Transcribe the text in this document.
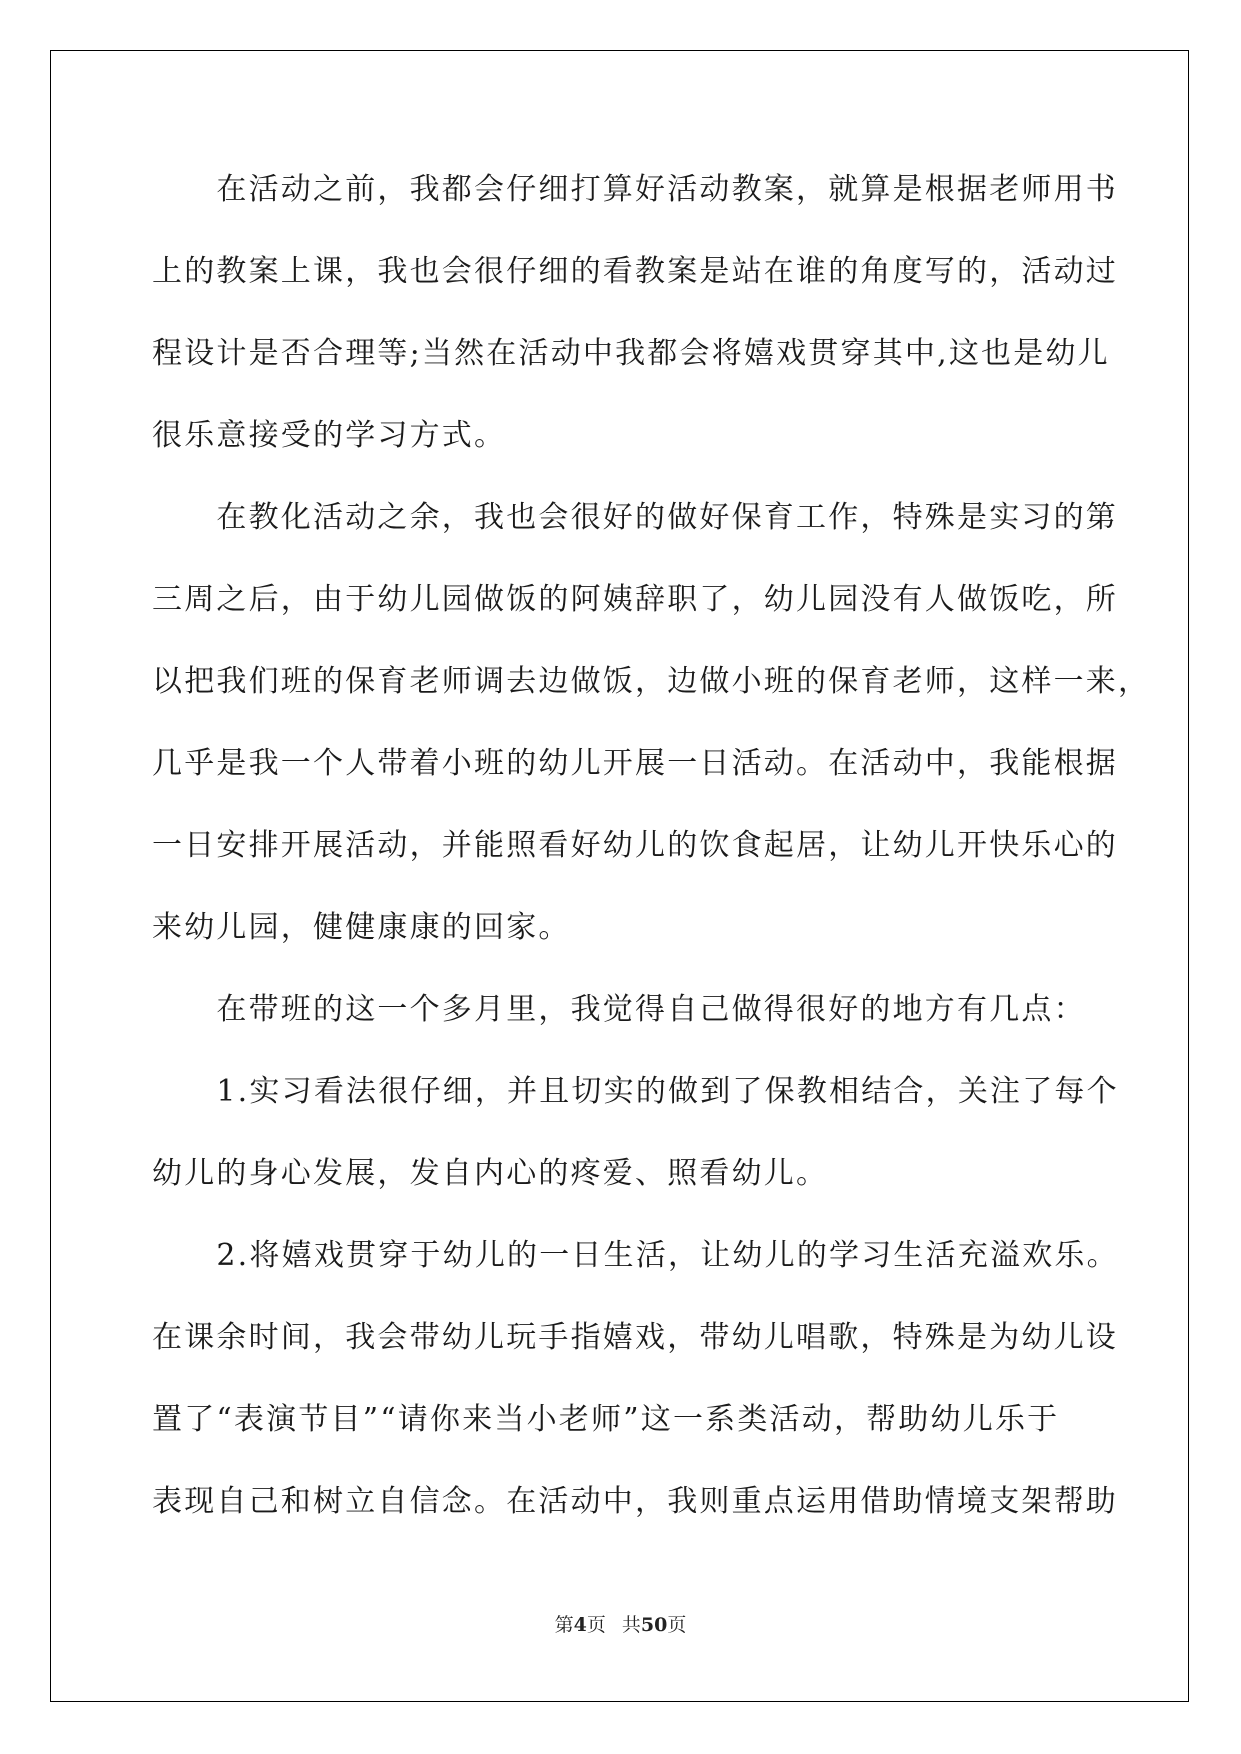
　　在活动之前，我都会仔细打算好活动教案，就算是根据老师用书
上的教案上课，我也会很仔细的看教案是站在谁的角度写的，活动过
程设计是否合理等;当然在活动中我都会将嬉戏贯穿其中,这也是幼儿
很乐意接受的学习方式。
　　在教化活动之余，我也会很好的做好保育工作，特殊是实习的第
三周之后，由于幼儿园做饭的阿姨辞职了，幼儿园没有人做饭吃，所
以把我们班的保育老师调去边做饭，边做小班的保育老师，这样一来，
几乎是我一个人带着小班的幼儿开展一日活动。在活动中，我能根据
一日安排开展活动，并能照看好幼儿的饮食起居，让幼儿开快乐心的
来幼儿园，健健康康的回家。
　　在带班的这一个多月里，我觉得自己做得很好的地方有几点：
　　1.实习看法很仔细，并且切实的做到了保教相结合，关注了每个
幼儿的身心发展，发自内心的疼爱、照看幼儿。
　　2.将嬉戏贯穿于幼儿的一日生活，让幼儿的学习生活充溢欢乐。
在课余时间，我会带幼儿玩手指嬉戏，带幼儿唱歌，特殊是为幼儿设
置了“表演节目”“请你来当小老师”这一系类活动，帮助幼儿乐于
表现自己和树立自信念。在活动中，我则重点运用借助情境支架帮助
第4页 共50页
